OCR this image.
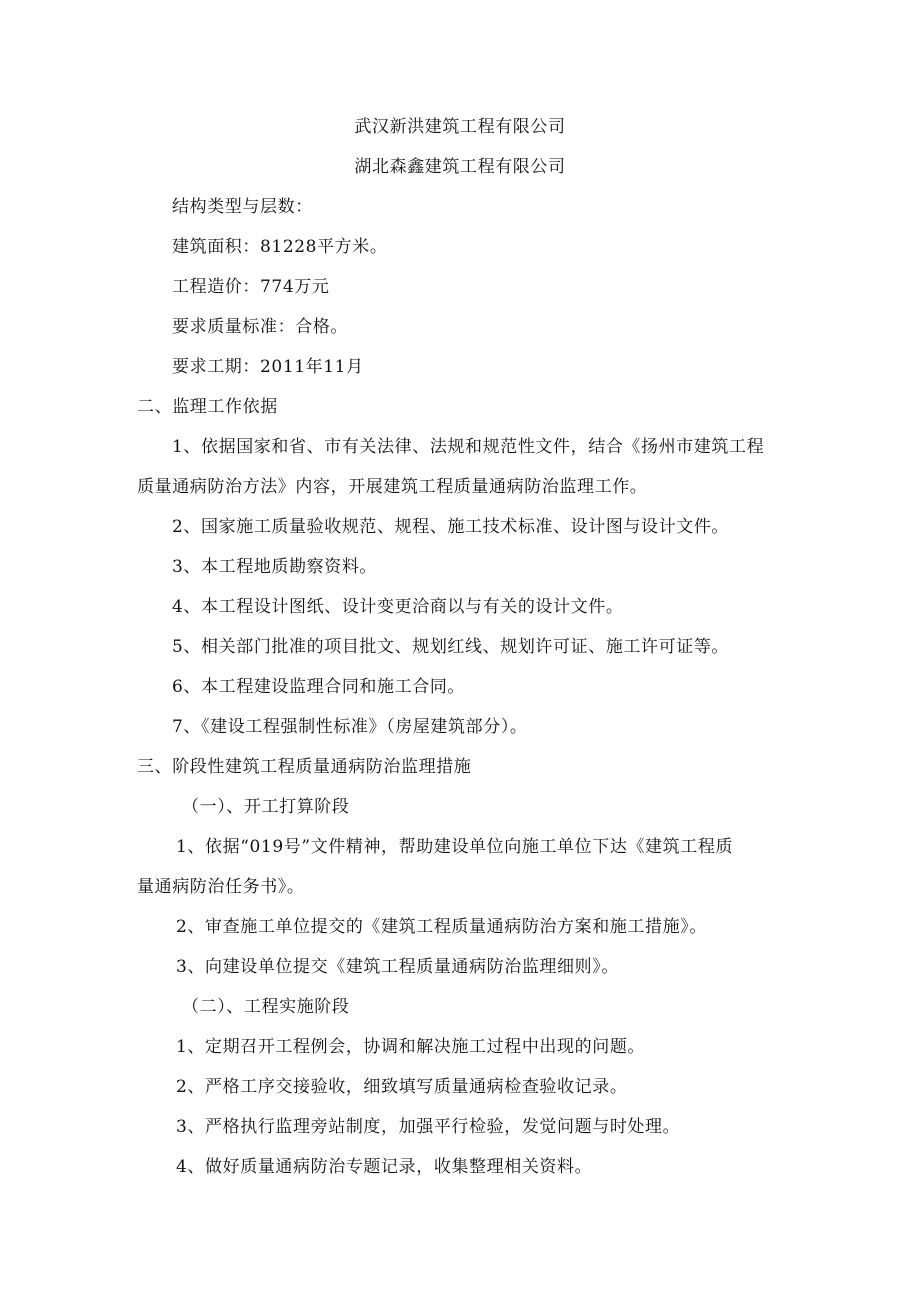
武汉新洪建筑工程有限公司
湖北森鑫建筑工程有限公司
结构类型与层数：
建筑面积：81228平方米。
工程造价：774万元
要求质量标准：合格。
要求工期：2011年11月
二、监理工作依据
1、依据国家和省、市有关法律、法规和规范性文件，结合《扬州市建筑工程
质量通病防治方法》内容，开展建筑工程质量通病防治监理工作。
2、国家施工质量验收规范、规程、施工技术标准、设计图与设计文件。
3、本工程地质勘察资料。
4、本工程设计图纸、设计变更洽商以与有关的设计文件。
5、相关部门批准的项目批文、规划红线、规划许可证、施工许可证等。
6、本工程建设监理合同和施工合同。
7、《建设工程强制性标准》（房屋建筑部分）。
三、阶段性建筑工程质量通病防治监理措施
（一）、开工打算阶段
1、依据“019号”文件精神，帮助建设单位向施工单位下达《建筑工程质
量通病防治任务书》。
2、审查施工单位提交的《建筑工程质量通病防治方案和施工措施》。
3、向建设单位提交《建筑工程质量通病防治监理细则》。
（二）、工程实施阶段
1、定期召开工程例会，协调和解决施工过程中出现的问题。
2、严格工序交接验收，细致填写质量通病检查验收记录。
3、严格执行监理旁站制度，加强平行检验，发觉问题与时处理。
4、做好质量通病防治专题记录，收集整理相关资料。
